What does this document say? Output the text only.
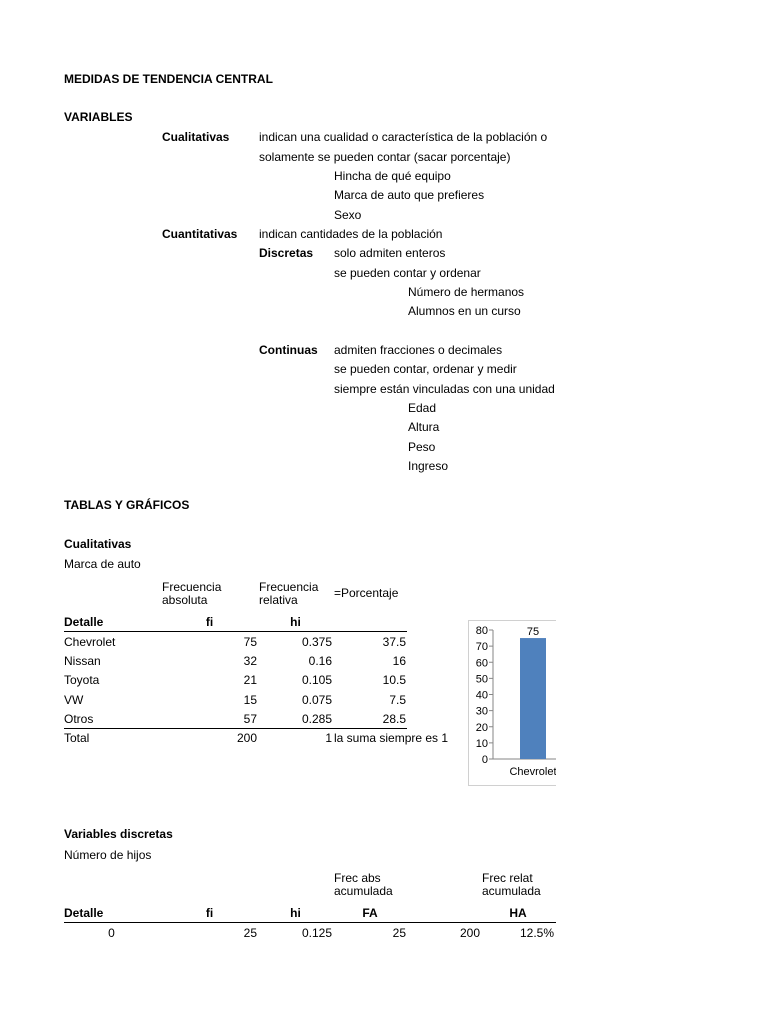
MEDIDAS DE TENDENCIA CENTRAL
VARIABLES
Cualitativas indican una cualidad o característica de la población o
solamente se pueden contar (sacar porcentaje)
Hincha de qué equipo
Marca de auto que prefieres
Sexo
Cuantitativas indican cantidades de la población
Discretas solo admiten enteros
se pueden contar y ordenar
Número de hermanos
Alumnos en un curso
Continuas admiten fracciones o decimales
se pueden contar, ordenar y medir
siempre están vinculadas con una unidad
Edad
Altura
Peso
Ingreso
TABLAS Y GRÁFICOS
Cualitativas
Marca de auto
Frecuencia absoluta
Frecuencia relativa	=Porcentaje
Detalle	fi	hi
Chevrolet	75	0.375	37.5
Nissan	32	0.16	16
Toyota	21	0.105	10.5
VW	15	0.075	7.5
Otros	57	0.285	28.5
Total	200	1 la suma siempre es 1
0
10
20
30
40
50
60
70
80	75
Chevrolet
Variables discretas
Número de hijos
Frec abs acumulada
Frec relat acumulada
Detalle	fi	hi	FA	HA
0	25	0.125	25	200	12.5%
